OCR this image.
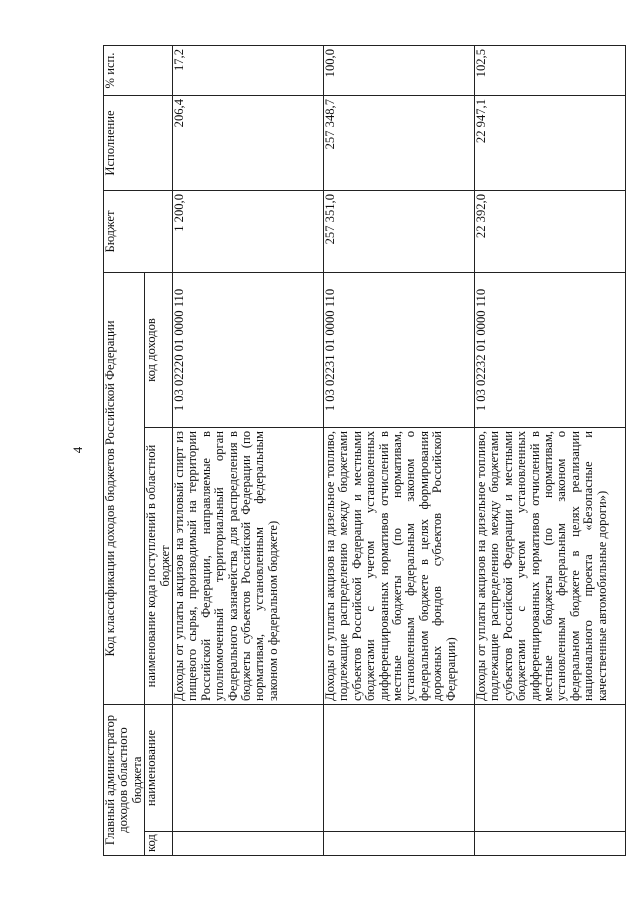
4
Главный администратор доходов областного бюджета		Код классификации доходов бюджетов Российской Федерации		Бюджет	Исполнение	% исп.
код	наименование	наименование кода поступлений в областной бюджет	код доходов			
		Доходы от уплаты акцизов на этиловый спирт из пищевого сырья, производимый на территории Российской Федерации, направляемые в уполномоченный территориальный орган Федерального казначейства для распределения в бюджеты субъектов Российской Федерации (по нормативам, установленным федеральным законом о федеральном бюджете)	1 03 02220 01 0000 110	1 200,0	206,4	17,2
		Доходы от уплаты акцизов на дизельное топливо, подлежащие распределению между бюджетами субъектов Российской Федерации и местными бюджетами с учетом установленных дифференцированных нормативов отчислений в местные бюджеты (по нормативам, установленным федеральным законом о федеральном бюджете в целях формирования дорожных фондов субъектов Российской Федерации)	1 03 02231 01 0000 110	257 351,0	257 348,7	100,0
		Доходы от уплаты акцизов на дизельное топливо, подлежащие распределению между бюджетами субъектов Российской Федерации и местными бюджетами с учетом установленных дифференцированных нормативов отчислений в местные бюджеты (по нормативам, установленным федеральным законом о федеральном бюджете в целях реализации национального проекта «Безопасные и качественные автомобильные дороги»)	1 03 02232 01 0000 110	22 392,0	22 947,1	102,5
